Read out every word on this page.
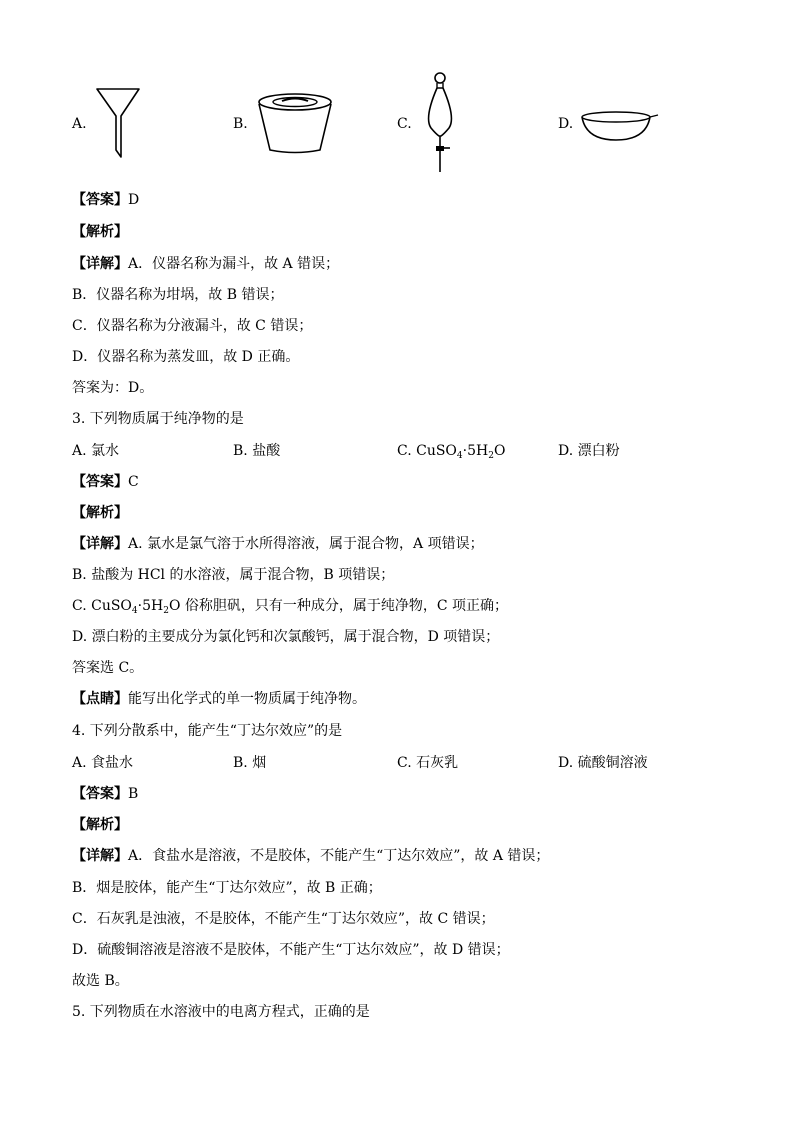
A.	B.	C.	D.
【答案】D
【解析】
【详解】A．仪器名称为漏斗，故 A 错误；
B．仪器名称为坩埚，故 B 错误；
C．仪器名称为分液漏斗，故 C 错误；
D．仪器名称为蒸发皿，故 D 正确。
答案为：D。
3. 下列物质属于纯净物的是
A. 氯水	B. 盐酸	C. $CuSO_4\cdot 5H_2O$	D. 漂白粉
【答案】C
【解析】
【详解】A. 氯水是氯气溶于水所得溶液，属于混合物，A 项错误；
B. 盐酸为 HCl 的水溶液，属于混合物，B 项错误；
C. $CuSO_4\cdot 5H_2O$ 俗称胆矾，只有一种成分，属于纯净物，C 项正确；
D. 漂白粉的主要成分为氯化钙和次氯酸钙，属于混合物，D 项错误；
答案选 C。
【点睛】能写出化学式的单一物质属于纯净物。
4. 下列分散系中，能产生“丁达尔效应”的是
A. 食盐水	B. 烟	C. 石灰乳	D. 硫酸铜溶液
【答案】B
【解析】
【详解】A．食盐水是溶液，不是胶体，不能产生“丁达尔效应”，故 A 错误；
B．烟是胶体，能产生“丁达尔效应”，故 B 正确；
C．石灰乳是浊液，不是胶体，不能产生“丁达尔效应”，故 C 错误；
D．硫酸铜溶液是溶液不是胶体，不能产生“丁达尔效应”，故 D 错误；
故选 B。
5. 下列物质在水溶液中的电离方程式，正确的是
